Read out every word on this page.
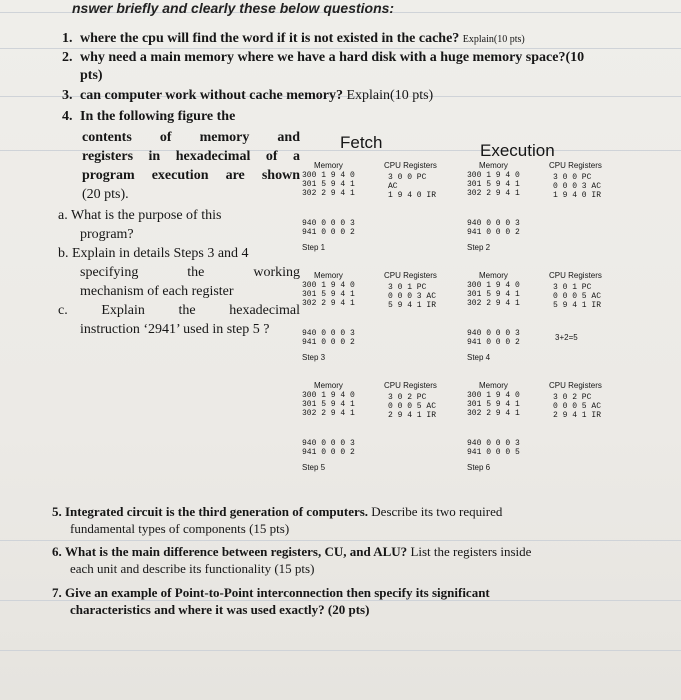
nswer briefly and clearly these below questions:
1. where the cpu will find the word if it is not existed in the cache? Explain(10 pts)
2. why need a main memory where we have a hard disk with a huge memory space?(10
pts)
3. can computer work without cache memory? Explain(10 pts)
4. In the following figure the
contents of memory and
registers in hexadecimal of a
program execution are shown
(20 pts).
a. What is the purpose of this
program?
b. Explain in details Steps 3 and 4
specifying the working
mechanism of each register
c. Explain the hexadecimal
instruction ‘2941’ used in step 5 ?
Fetch	Execution
Memory	CPU Registers
300 1 9 4 0
301 5 9 4 1
302 2 9 4 1
940 0 0 0 3
941 0 0 0 2
3 0 0 PC
AC
1 9 4 0 IR
Step 1
Memory	CPU Registers
300 1 9 4 0
301 5 9 4 1
302 2 9 4 1
940 0 0 0 3
941 0 0 0 2
3 0 0 PC
0 0 0 3 AC
1 9 4 0 IR
Step 2
Memory	CPU Registers
300 1 9 4 0
301 5 9 4 1
302 2 9 4 1
940 0 0 0 3
941 0 0 0 2
3 0 1 PC
0 0 0 3 AC
5 9 4 1 IR
Step 3
Memory	CPU Registers
300 1 9 4 0
301 5 9 4 1
302 2 9 4 1
940 0 0 0 3
941 0 0 0 2
3 0 1 PC
0 0 0 5 AC
5 9 4 1 IR
3+2=5
Step 4
Memory	CPU Registers
300 1 9 4 0
301 5 9 4 1
302 2 9 4 1
940 0 0 0 3
941 0 0 0 2
3 0 2 PC
0 0 0 5 AC
2 9 4 1 IR
Step 5
Memory	CPU Registers
300 1 9 4 0
301 5 9 4 1
302 2 9 4 1
940 0 0 0 3
941 0 0 0 5
3 0 2 PC
0 0 0 5 AC
2 9 4 1 IR
Step 6
5. Integrated circuit is the third generation of computers. Describe its two required
fundamental types of components (15 pts)
6. What is the main difference between registers, CU, and ALU? List the registers inside
each unit and describe its functionality (15 pts)
7. Give an example of Point-to-Point interconnection then specify its significant
characteristics and where it was used exactly? (20 pts)
